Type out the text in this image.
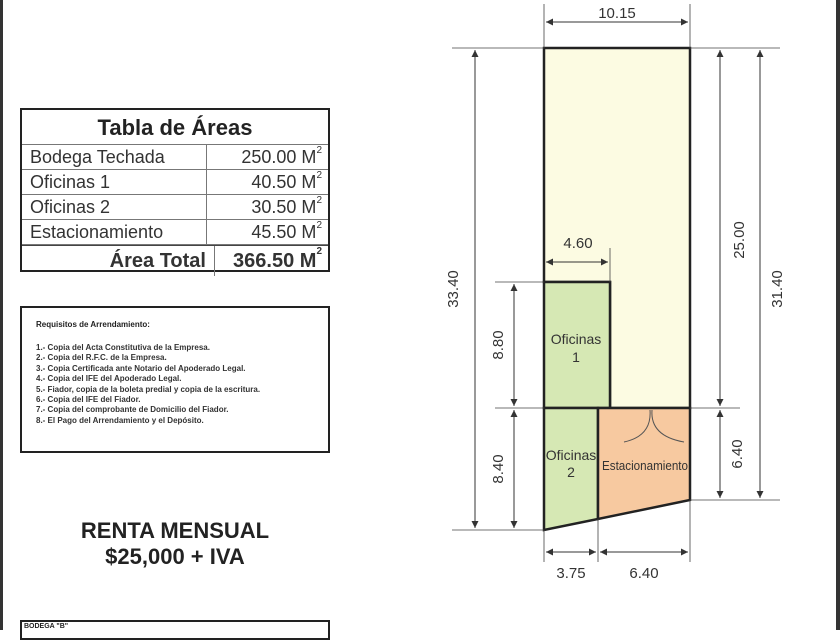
Tabla de Áreas
Bodega Techada	250.00 $M^2$
Oficinas 1	40.50 $M^2$
Oficinas 2	30.50 $M^2$
Estacionamiento	45.50 $M^2$
Área Total	366.50 $M^2$
Requisitos de Arrendamiento:
1.- Copia del Acta Constitutiva de la Empresa.
2.- Copia del R.F.C. de la Empresa.
3.- Copia Certificada ante Notario del Apoderado Legal.
4.- Copia del IFE del Apoderado Legal.
5.- Fiador, copia de la boleta predial y copia de la escritura.
6.- Copia del IFE del Fiador.
7.- Copia del comprobante de Domicilio del Fiador.
8.- El Pago del Arrendamiento y el Depósito.
RENTA MENSUAL
$25,000 + IVA
BODEGA "B"
10.15
4.60
33.40
8.80
8.40
25.00
31.40
6.40
3.75	6.40
Oficinas
1
Oficinas
2 Estacionamiento
